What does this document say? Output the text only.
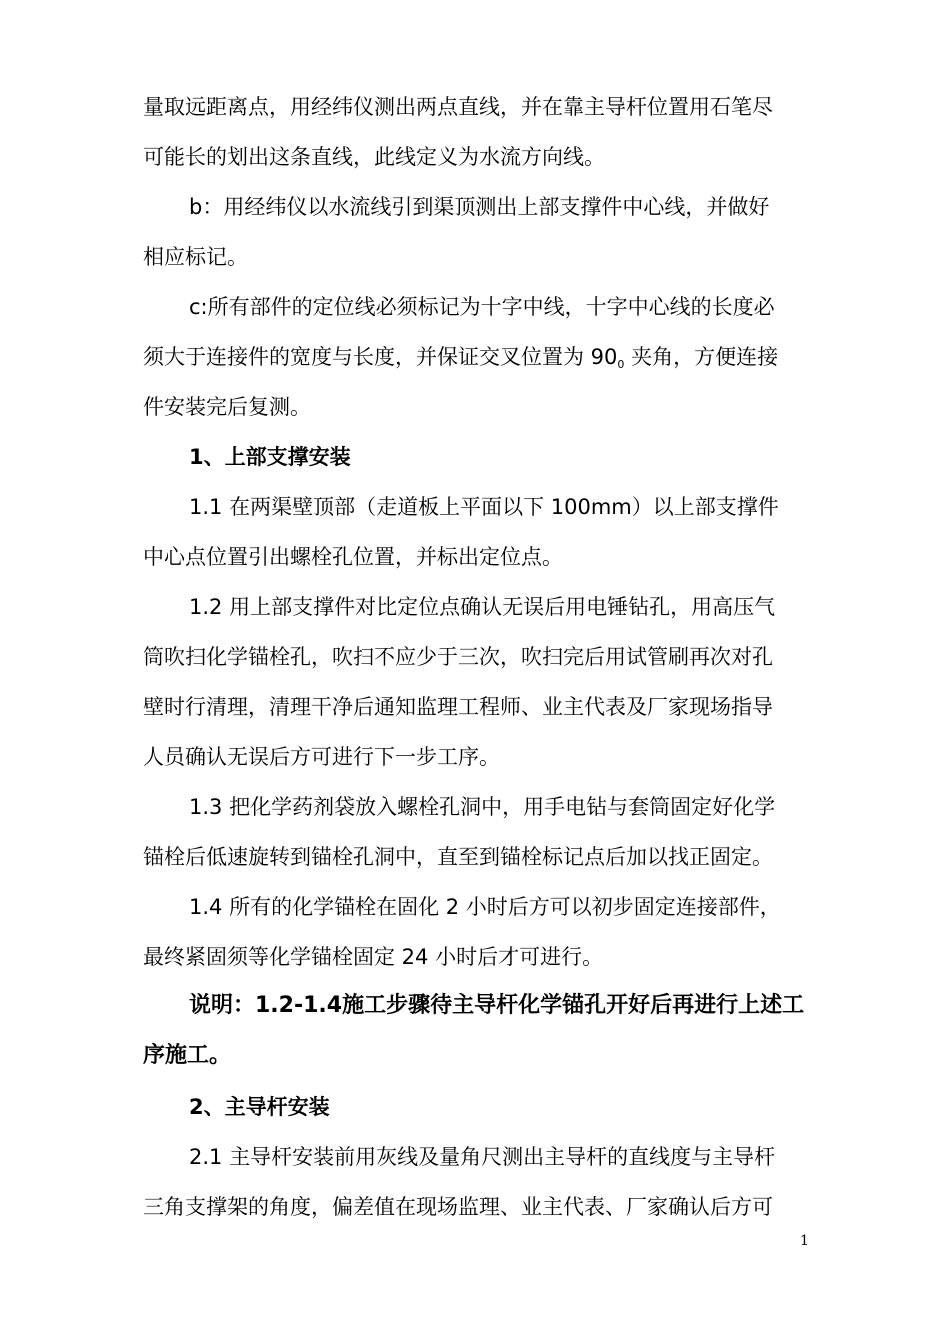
量取远距离点，用经纬仪测出两点直线，并在靠主导杆位置用石笔尽
可能长的划出这条直线，此线定义为水流方向线。
b：用经纬仪以水流线引到渠顶测出上部支撑件中心线，并做好
相应标记。
c:所有部件的定位线必须标记为十字中线，十字中心线的长度必
须大于连接件的宽度与长度，并保证交叉位置为 $90_0$ 夹角，方便连接
件安装完后复测。
1、上部支撑安装
1.1 在两渠壁顶部（走道板上平面以下 100mm）以上部支撑件
中心点位置引出螺栓孔位置，并标出定位点。
1.2 用上部支撑件对比定位点确认无误后用电锤钻孔，用高压气
筒吹扫化学锚栓孔，吹扫不应少于三次，吹扫完后用试管刷再次对孔
壁时行清理，清理干净后通知监理工程师、业主代表及厂家现场指导
人员确认无误后方可进行下一步工序。
1.3 把化学药剂袋放入螺栓孔洞中，用手电钻与套筒固定好化学
锚栓后低速旋转到锚栓孔洞中，直至到锚栓标记点后加以找正固定。
1.4 所有的化学锚栓在固化 2 小时后方可以初步固定连接部件，
最终紧固须等化学锚栓固定 24 小时后才可进行。
说明：1.2-1.4施工步骤待主导杆化学锚孔开好后再进行上述工
序施工。
2、主导杆安装
2.1 主导杆安装前用灰线及量角尺测出主导杆的直线度与主导杆
三角支撑架的角度，偏差值在现场监理、业主代表、厂家确认后方可
1
